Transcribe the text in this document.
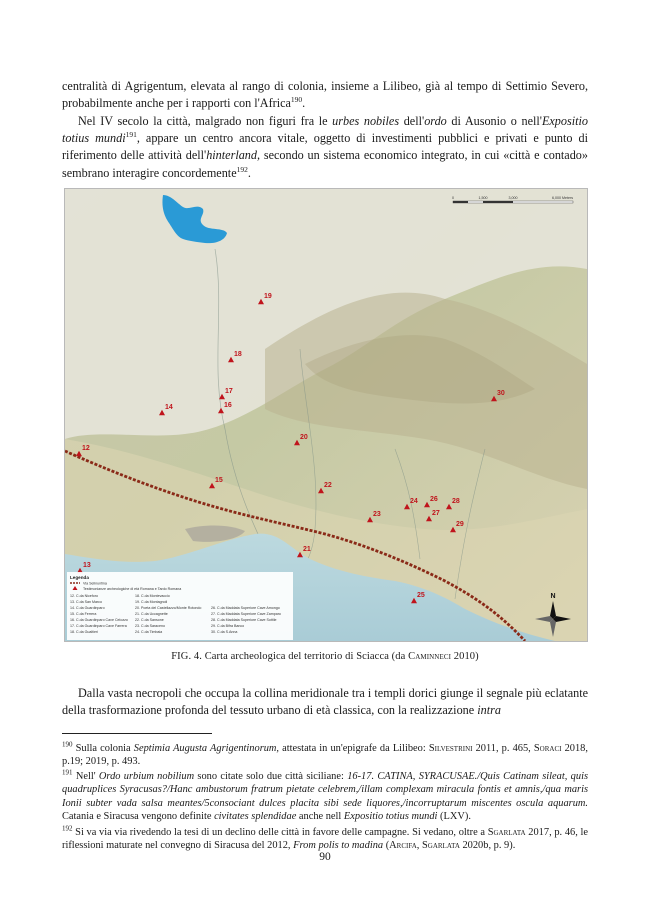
centralità di Agrigentum, elevata al rango di colonia, insieme a Lilibeo, già al tempo di Settimio Severo, probabilmente anche per i rapporti con l'Africa$^{190}$.

Nel IV secolo la città, malgrado non figuri fra le urbes nobiles dell'ordo di Ausonio o nell'Expositio totius mundi$^{191}$, appare un centro ancora vitale, oggetto di investimenti pubblici e privati e punto di riferimento delle attività dell'hinterland, secondo un sistema economico integrato, in cui «città e contado» sembrano interagire concordemente$^{192}$.

0	1,500	3,000	6,000 Meters
19
18
17
16
14
30
20
12
15
22
24 26 28
23	27
29
21
13
25	N
Legenda
Via Selinuntina
Testimonianze archeologiche di età Romana e Tardo Romana
12. C.da Niceforo	18. C.da Montevaccio
13. C.da San Marco	19. C.da Montagnoli
14. C.da Guardinparo	20. Poeta del Castellazzo/Monte Rotondo	26. C.da Maddata Superiore Cave Amongo
15. C.da Ferrera	21. C.da Uccagnette	27. C.da Maddata Superiore Cave Zamparo
16. C.da Guardinparo Cave Celozzo 22. C.da Sansone	28. C.da Maddata Superiore Cave Sottile
17. C.da Guardinparo Cave Farrera 23. C.da Saraceno	29. C.da Bifra Banco
18. C.da Gualtieri	24. C.da Timbaia	30. C.da S.Anna
FIG. 4. Carta archeologica del territorio di Sciacca (da Caminneci 2010)

Dalla vasta necropoli che occupa la collina meridionale tra i templi dorici giunge il segnale più eclatante della trasformazione profonda del tessuto urbano di età classica, con la realizzazione intra

$^{190}$ Sulla colonia Septimia Augusta Agrigentinorum, attestata in un'epigrafe da Lilibeo: Silvestrini 2011, p. 465, Soraci 2018, p.19; 2019, p. 493.

$^{191}$ Nell' Ordo urbium nobilium sono citate solo due città siciliane: 16-17. CATINA, SYRACUSAE./Quis Catinam sileat, quis quadruplices Syracusas?/Hanc ambustorum fratrum pietate celebrem,/illam complexam miracula fontis et amnis,/qua maris Ionii subter vada salsa meantes/5consociant dulces placita sibi sede liquores,/incorruptarum miscentes oscula aquarum. Catania e Siracusa vengono definite civitates splendidae anche nell Expositio totius mundi (LXV).

$^{192}$ Si va via via rivedendo la tesi di un declino delle città in favore delle campagne. Si vedano, oltre a Sgarlata 2017, p. 46, le riflessioni maturate nel convegno di Siracusa del 2012, From polis to madina (Arcifa, Sgarlata 2020b, p. 9).

90
